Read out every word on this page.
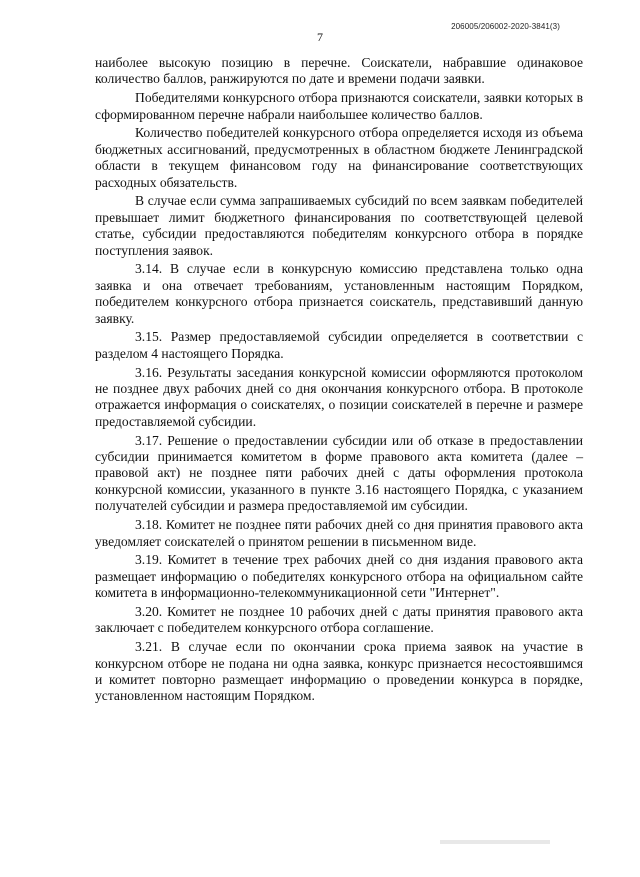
206005/206002-2020-3841(3)
7

наиболее высокую позицию в перечне. Соискатели, набравшие одинаковое количество баллов, ранжируются по дате и времени подачи заявки.

Победителями конкурсного отбора признаются соискатели, заявки которых в сформированном перечне набрали наибольшее количество баллов.

Количество победителей конкурсного отбора определяется исходя из объема бюджетных ассигнований, предусмотренных в областном бюджете Ленинградской области в текущем финансовом году на финансирование соответствующих расходных обязательств.

В случае если сумма запрашиваемых субсидий по всем заявкам победителей превышает лимит бюджетного финансирования по соответствующей целевой статье, субсидии предоставляются победителям конкурсного отбора в порядке поступления заявок.

3.14. В случае если в конкурсную комиссию представлена только одна заявка и она отвечает требованиям, установленным настоящим Порядком, победителем конкурсного отбора признается соискатель, представивший данную заявку.

3.15. Размер предоставляемой субсидии определяется в соответствии с разделом 4 настоящего Порядка.

3.16. Результаты заседания конкурсной комиссии оформляются протоколом не позднее двух рабочих дней со дня окончания конкурсного отбора. В протоколе отражается информация о соискателях, о позиции соискателей в перечне и размере предоставляемой субсидии.

3.17. Решение о предоставлении субсидии или об отказе в предоставлении субсидии принимается комитетом в форме правового акта комитета (далее – правовой акт) не позднее пяти рабочих дней с даты оформления протокола конкурсной комиссии, указанного в пункте 3.16 настоящего Порядка, с указанием получателей субсидии и размера предоставляемой им субсидии.

3.18. Комитет не позднее пяти рабочих дней со дня принятия правового акта уведомляет соискателей о принятом решении в письменном виде.

3.19. Комитет в течение трех рабочих дней со дня издания правового акта размещает информацию о победителях конкурсного отбора на официальном сайте комитета в информационно-телекоммуникационной сети "Интернет".

3.20. Комитет не позднее 10 рабочих дней с даты принятия правового акта заключает с победителем конкурсного отбора соглашение.

3.21. В случае если по окончании срока приема заявок на участие в конкурсном отборе не подана ни одна заявка, конкурс признается несостоявшимся и комитет повторно размещает информацию о проведении конкурса в порядке, установленном настоящим Порядком.
